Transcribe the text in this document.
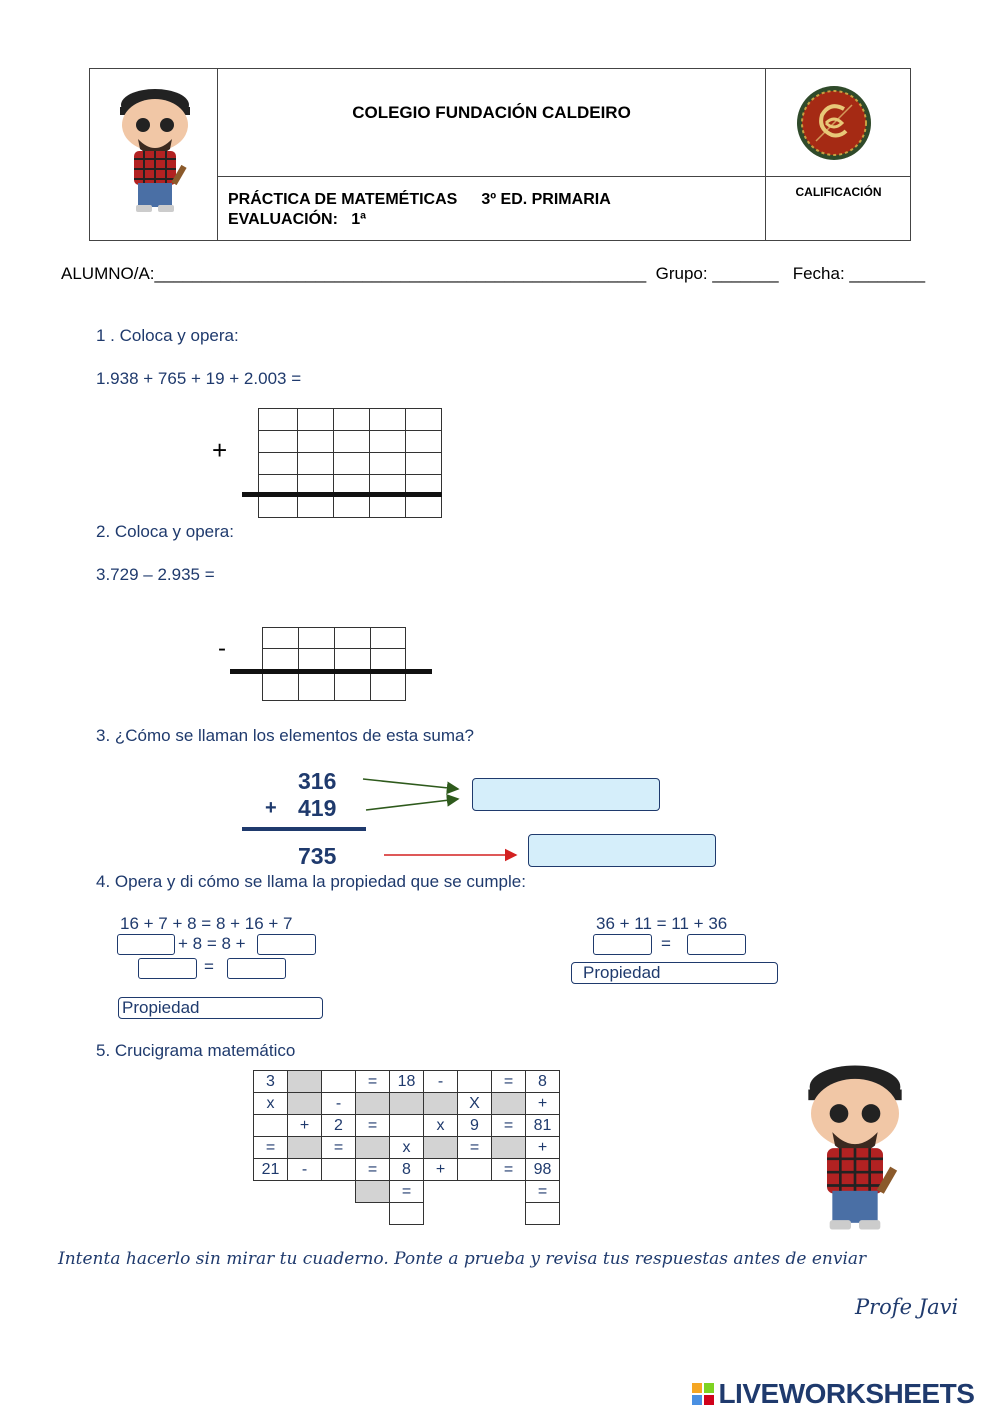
COLEGIO FUNDACIÓN CALDEIRO
PRÁCTICA DE MATEMÉTICAS 3º ED. PRIMARIA
EVALUACIÓN: 1ª
CALIFICACIÓN
ALUMNO/A:____________________________________________________ Grupo: _______ Fecha: ________
1 . Coloca y opera:
1.938 + 765 + 19 + 2.003 =
+

2. Coloca y opera:
3.729 – 2.935 =
-

3. ¿Cómo se llaman los elementos de esta suma?
316
+ 419
735
4. Opera y di cómo se llama la propiedad que se cumple:
16 + 7 + 8 = 8 + 16 + 7
+ 8 = 8 +
=
Propiedad
36 + 11 = 11 + 36
=
Propiedad
5. Crucigrama matemático
3			=	18	-		=	8
x		-				X		+
	+	2	=		x	9	=	81
=		=		x		=		+
21	-		=	8	+		=	98
				=				=

Intenta hacerlo sin mirar tu cuaderno. Ponte a prueba y revisa tus respuestas antes de enviar
Profe Javi
LIVEWORKSHEETS
